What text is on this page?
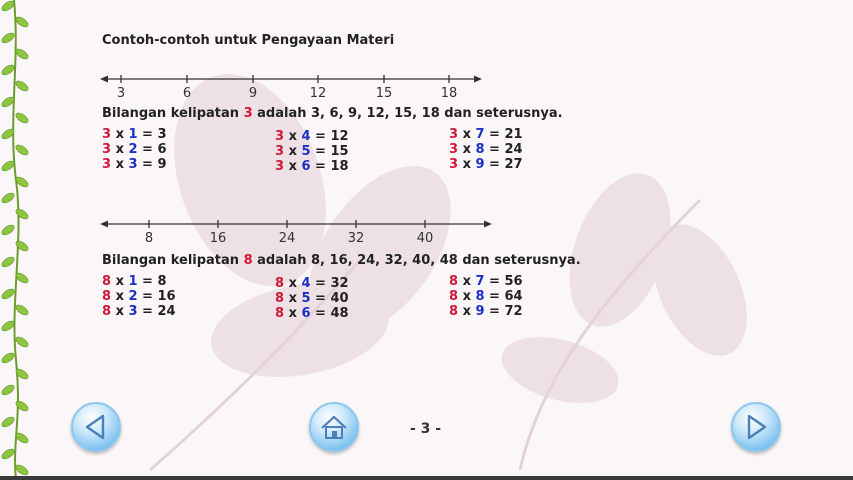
Contoh-contoh untuk Pengayaan Materi
3	6	9	12	15	18
Bilangan kelipatan 3 adalah 3, 6, 9, 12, 15, 18 dan seterusnya.
3 x 1 = 3
3 x 2 = 6
3 x 3 = 9
3 x 4 = 12
3 x 5 = 15
3 x 6 = 18
3 x 7 = 21
3 x 8 = 24
3 x 9 = 27
8	16	24	32	40
Bilangan kelipatan 8 adalah 8, 16, 24, 32, 40, 48 dan seterusnya.
8 x 1 = 8
8 x 2 = 16
8 x 3 = 24
8 x 4 = 32
8 x 5 = 40
8 x 6 = 48
8 x 7 = 56
8 x 8 = 64
8 x 9 = 72
- 3 -
